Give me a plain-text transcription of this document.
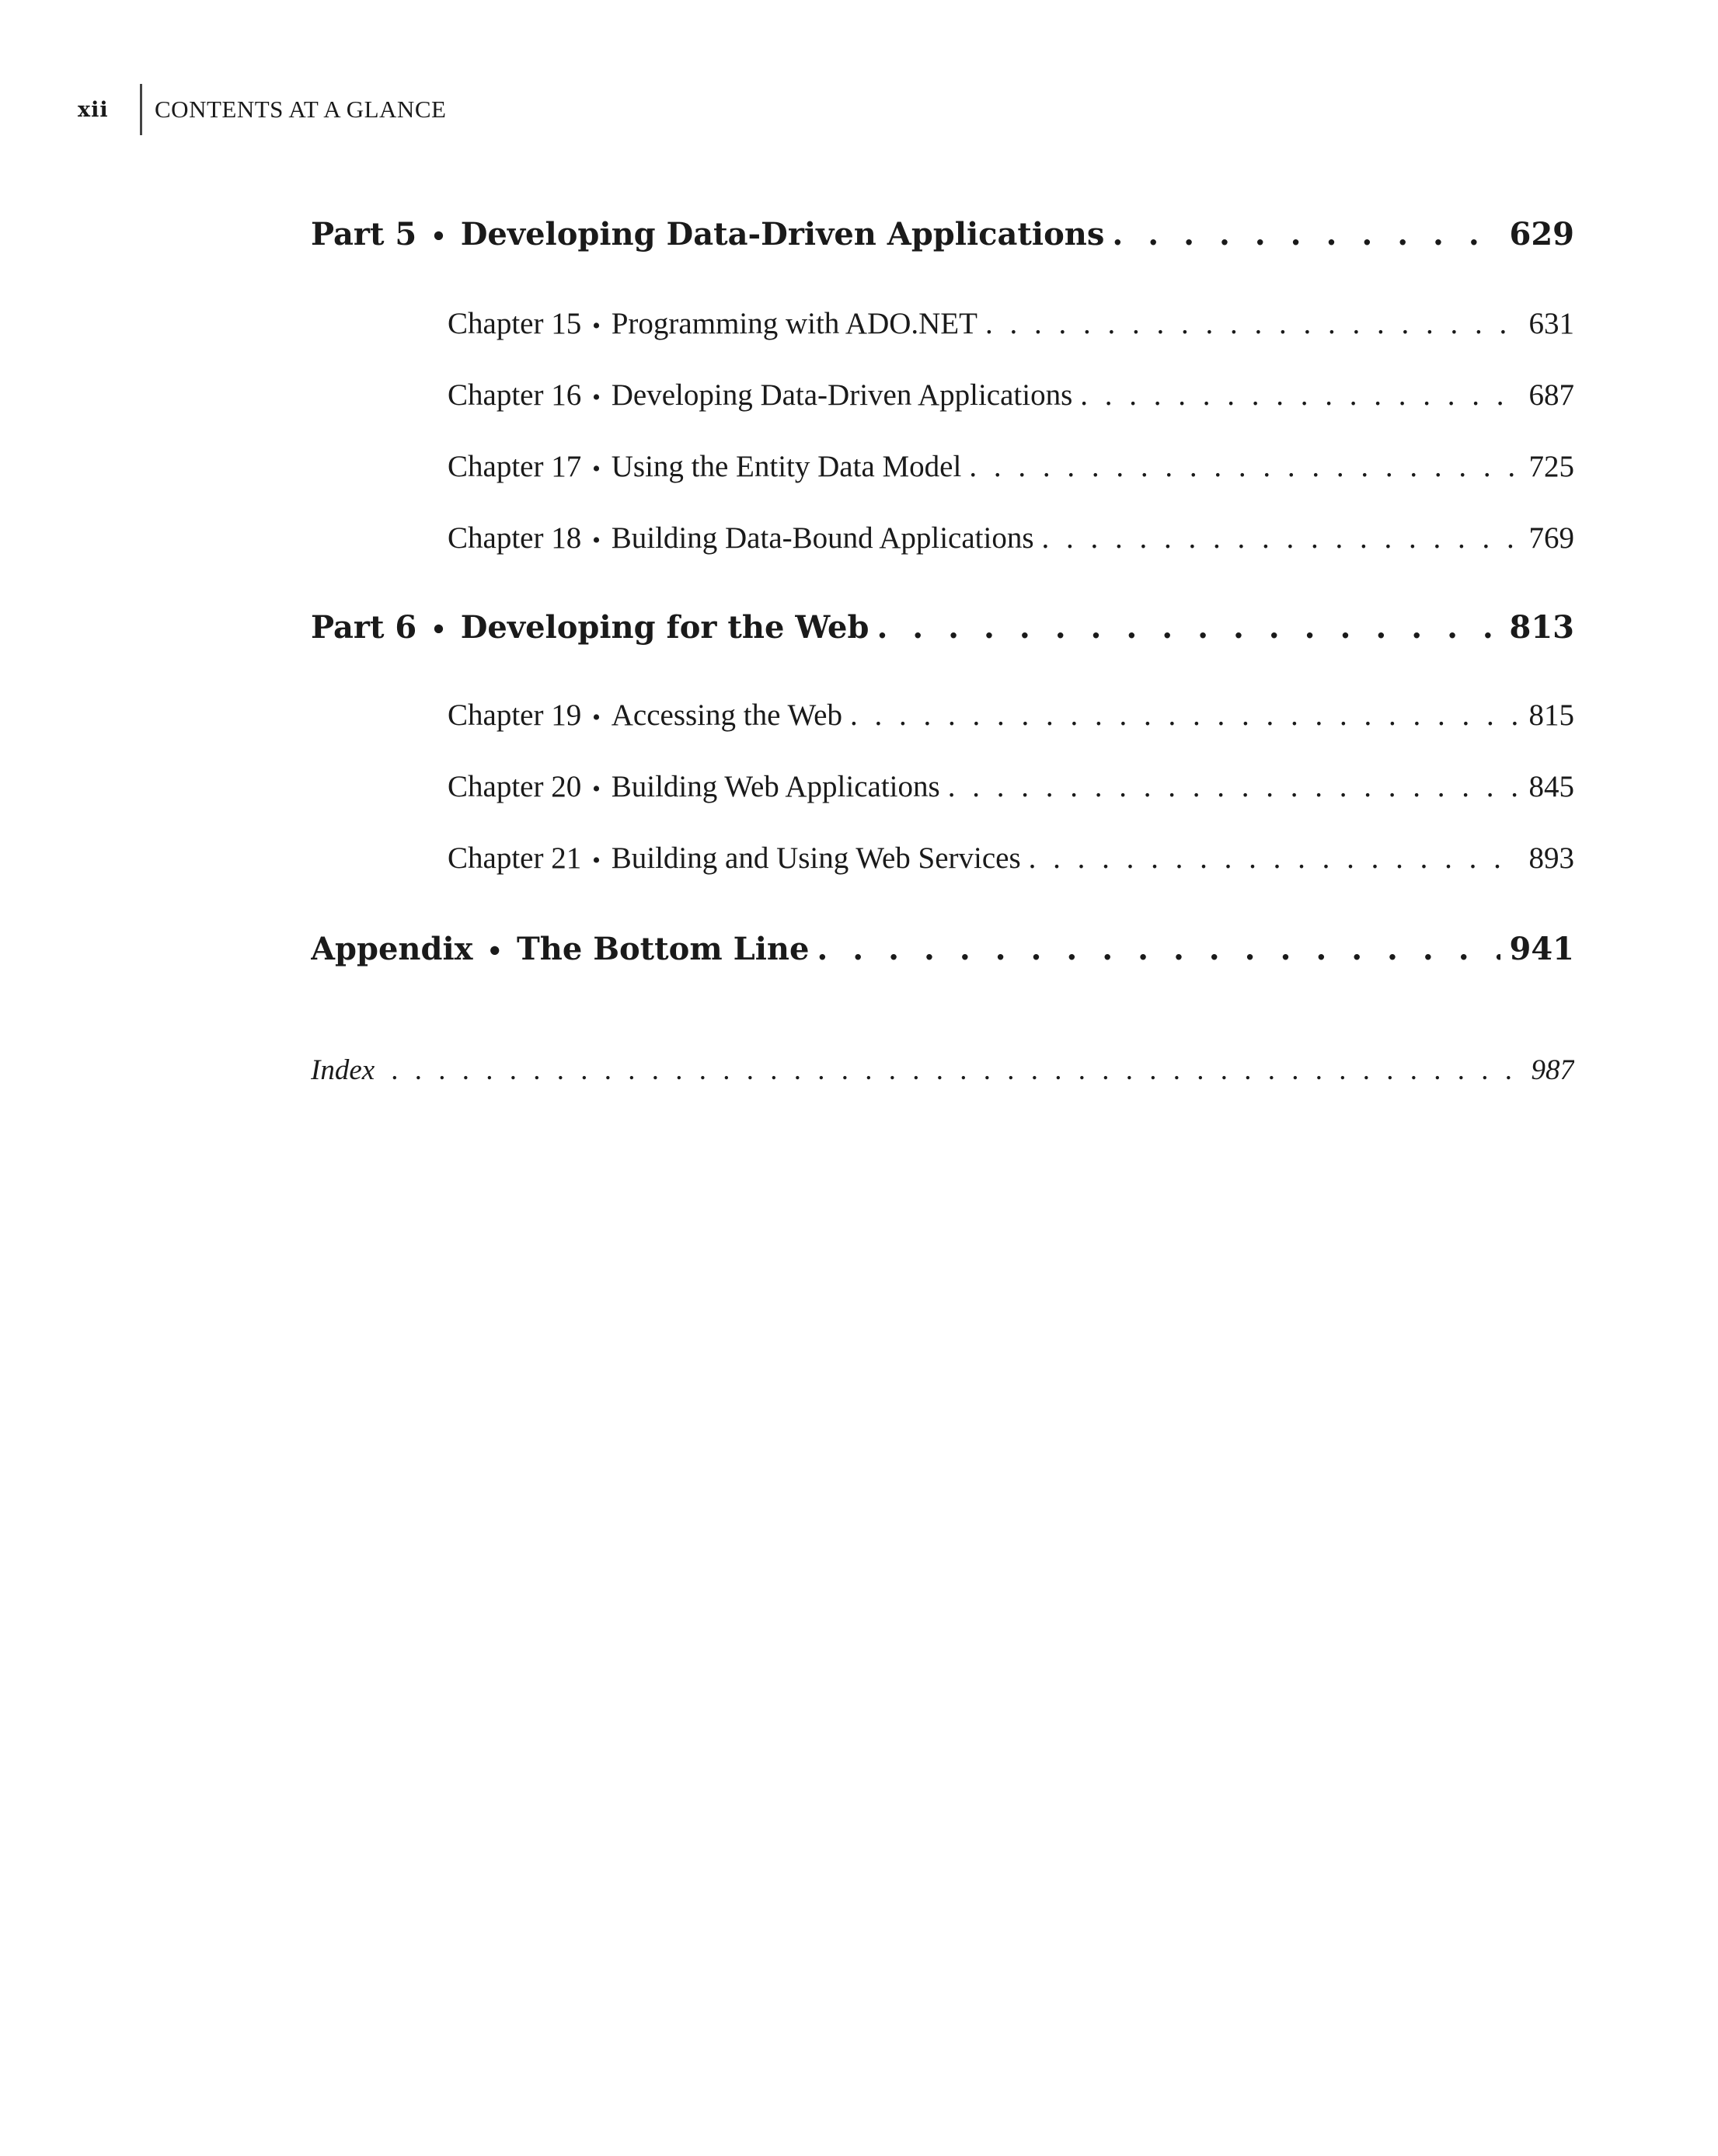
xii	CONTENTS AT A GLANCE
Part 5 • Developing Data-Driven Applications . . .	629
Chapter 15 • Programming with ADO.NET . . .	631
Chapter 16 • Developing Data-Driven Applications . . .	687
Chapter 17 • Using the Entity Data Model . . .	725
Chapter 18 • Building Data-Bound Applications . . .	769
Part 6 • Developing for the Web . . .	813
Chapter 19 • Accessing the Web . . .	815
Chapter 20 • Building Web Applications . . .	845
Chapter 21 • Building and Using Web Services . . .	893
Appendix • The Bottom Line . . .	941
Index . . .	987
